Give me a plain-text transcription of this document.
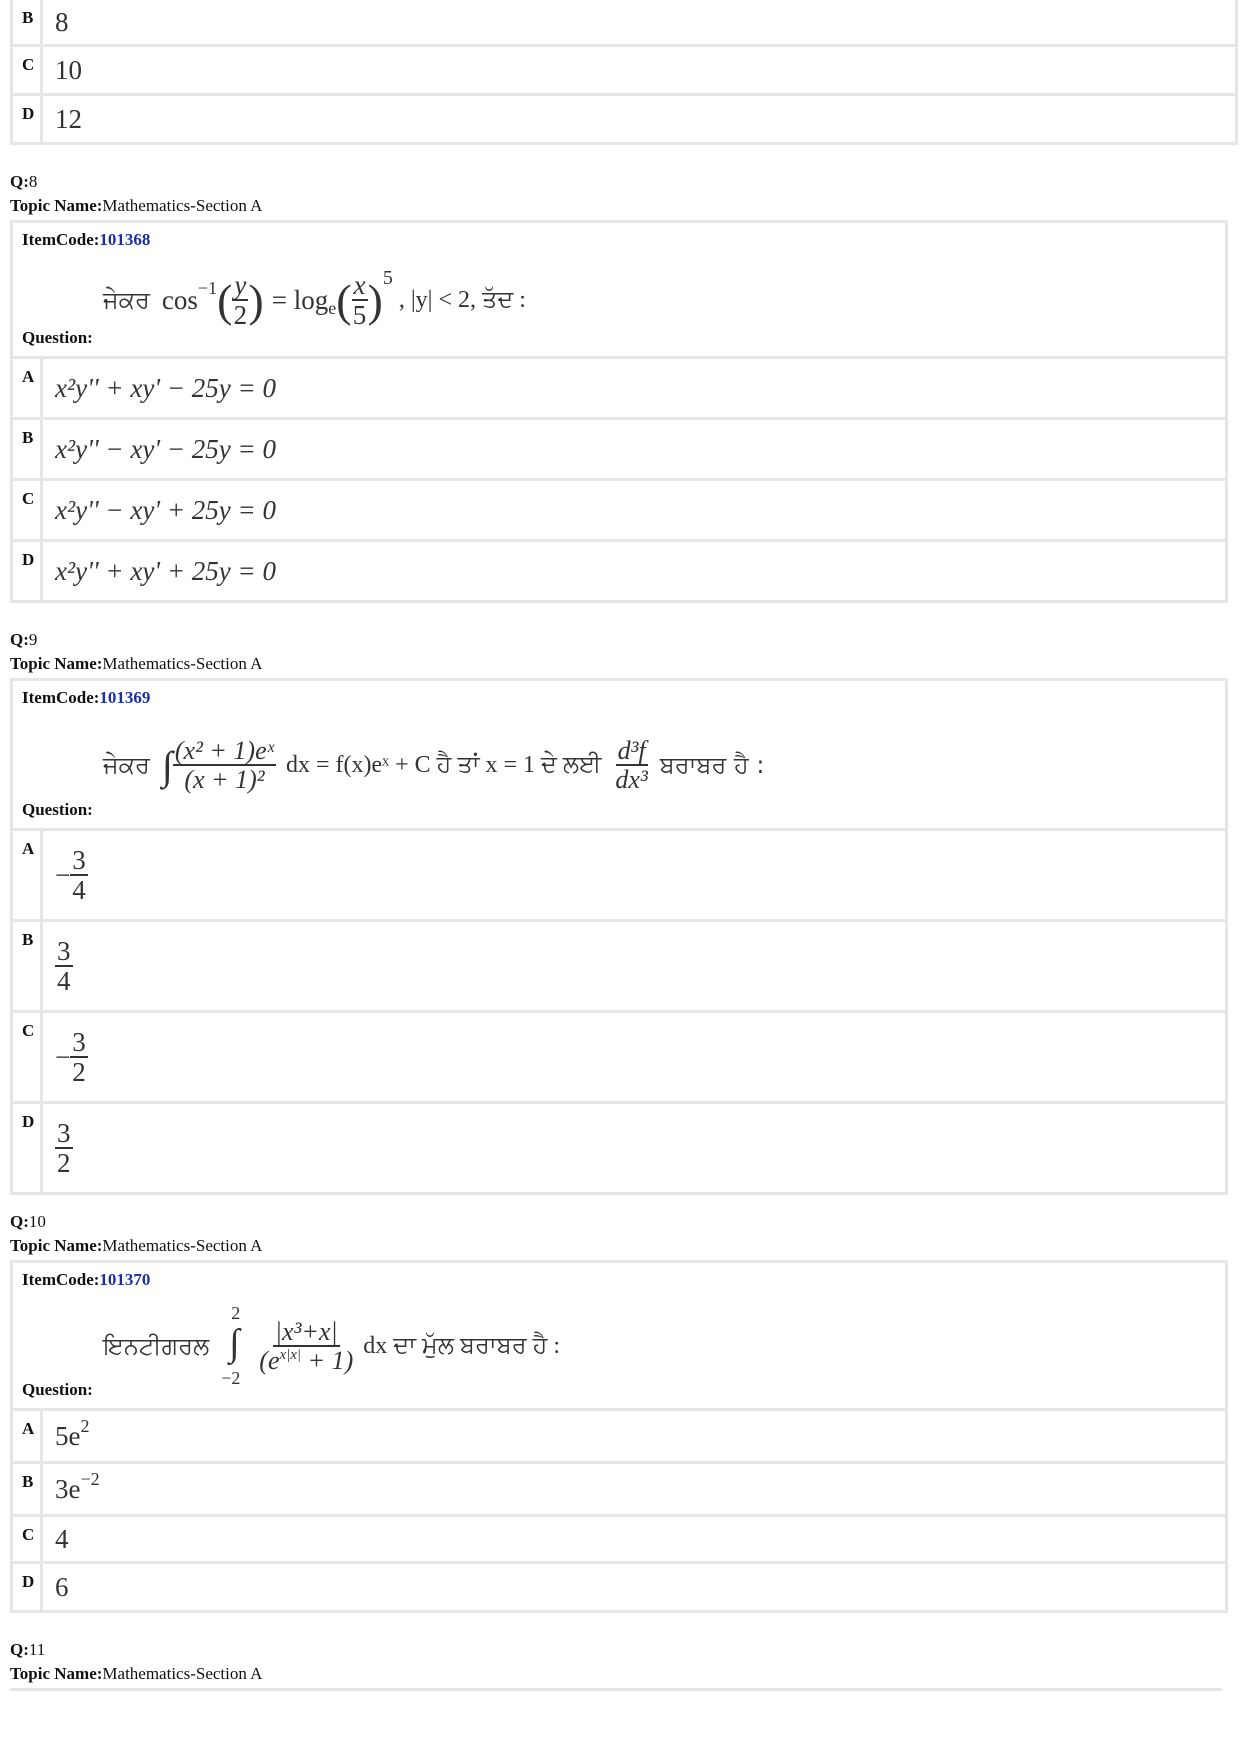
B 8
C 10
D 12
Q:8
Topic Name:Mathematics-Section A
ItemCode:101368
ਜੇਕਰ cos −1 ( $\frac{y}{2}$ ) = log e ( $\frac{x}{5}$ ) 5
, |y| < 2, ਤੱਦ :
Question:
A x²y'' + xy' − 25y = 0
B x²y'' − xy' − 25y = 0
C x²y'' − xy' + 25y = 0
D x²y'' + xy' + 25y = 0
Q:9
Topic Name:Mathematics-Section A
ItemCode:101369
ਜੇਕਰ ∫ $\frac{\text{(x² + 1)eˣ}}{\text{(x + 1)²}}$ dx = f(x)eˣ + C ਹੈ ਤਾਂ x = 1 ਦੇ ਲਈ $\frac{\text{d³f}}{\text{dx³}}$ ਬਰਾਬਰ ਹੈ :
Question:
A
− $\frac{3}{4}$
B $\frac{3}{4}$
C
− $\frac{3}{2}$
D $\frac{3}{2}$
Q:10
Topic Name:Mathematics-Section A
ItemCode:101370
ਇਨਟੀਗਰਲ
2
∫
−2
$\frac{\text{|x³+x|}}{(e^{x|x|} + 1)}$ dx ਦਾ ਮੁੱਲ ਬਰਾਬਰ ਹੈ :
Question:
A 5e 2
B 3e −2
C 4
D 6
Q:11
Topic Name:Mathematics-Section A
